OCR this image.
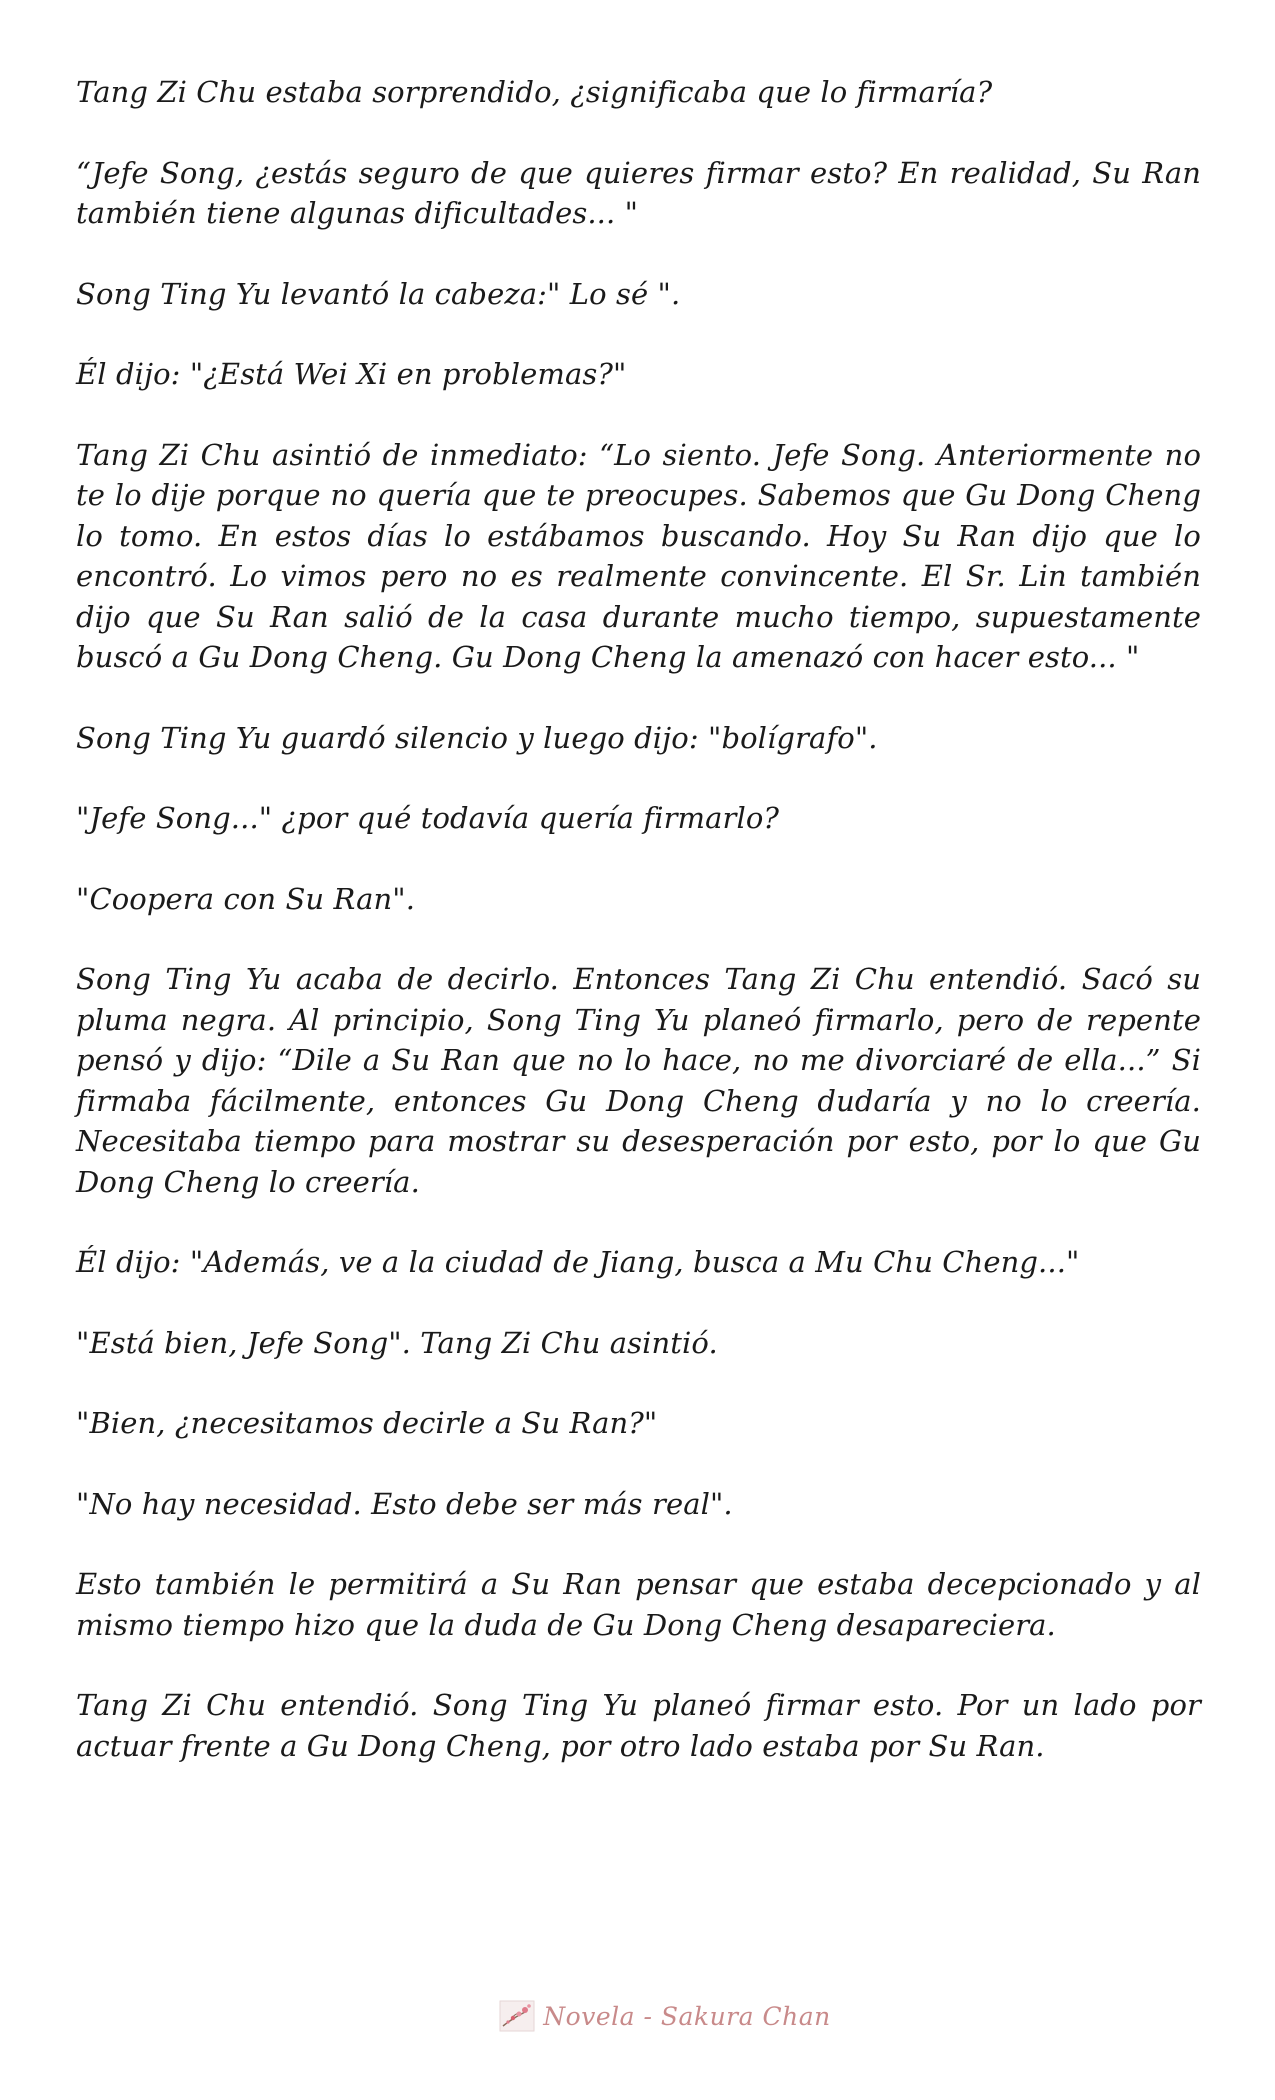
Tang Zi Chu estaba sorprendido, ¿significaba que lo firmaría?

“Jefe Song, ¿estás seguro de que quieres firmar esto? En realidad, Su Ran también tiene algunas dificultades... "

Song Ting Yu levantó la cabeza:" Lo sé ".

Él dijo: "¿Está Wei Xi en problemas?"

Tang Zi Chu asintió de inmediato: “Lo siento. Jefe Song. Anteriormente no te lo dije porque no quería que te preocupes. Sabemos que Gu Dong Cheng lo tomo. En estos días lo estábamos buscando. Hoy Su Ran dijo que lo encontró. Lo vimos pero no es realmente convincente. El Sr. Lin también dijo que Su Ran salió de la casa durante mucho tiempo, supuestamente buscó a Gu Dong Cheng. Gu Dong Cheng la amenazó con hacer esto... "

Song Ting Yu guardó silencio y luego dijo: "bolígrafo".

"Jefe Song..." ¿por qué todavía quería firmarlo?

"Coopera con Su Ran".

Song Ting Yu acaba de decirlo. Entonces Tang Zi Chu entendió. Sacó su pluma negra. Al principio, Song Ting Yu planeó firmarlo, pero de repente pensó y dijo: “Dile a Su Ran que no lo hace, no me divorciaré de ella...” Si firmaba fácilmente, entonces Gu Dong Cheng dudaría y no lo creería. Necesitaba tiempo para mostrar su desesperación por esto, por lo que Gu Dong Cheng lo creería.

Él dijo: "Además, ve a la ciudad de Jiang, busca a Mu Chu Cheng..."

"Está bien, Jefe Song". Tang Zi Chu asintió.

"Bien, ¿necesitamos decirle a Su Ran?"

"No hay necesidad. Esto debe ser más real".

Esto también le permitirá a Su Ran pensar que estaba decepcionado y al mismo tiempo hizo que la duda de Gu Dong Cheng desapareciera.

Tang Zi Chu entendió. Song Ting Yu planeó firmar esto. Por un lado por actuar frente a Gu Dong Cheng, por otro lado estaba por Su Ran.

Novela - Sakura Chan
